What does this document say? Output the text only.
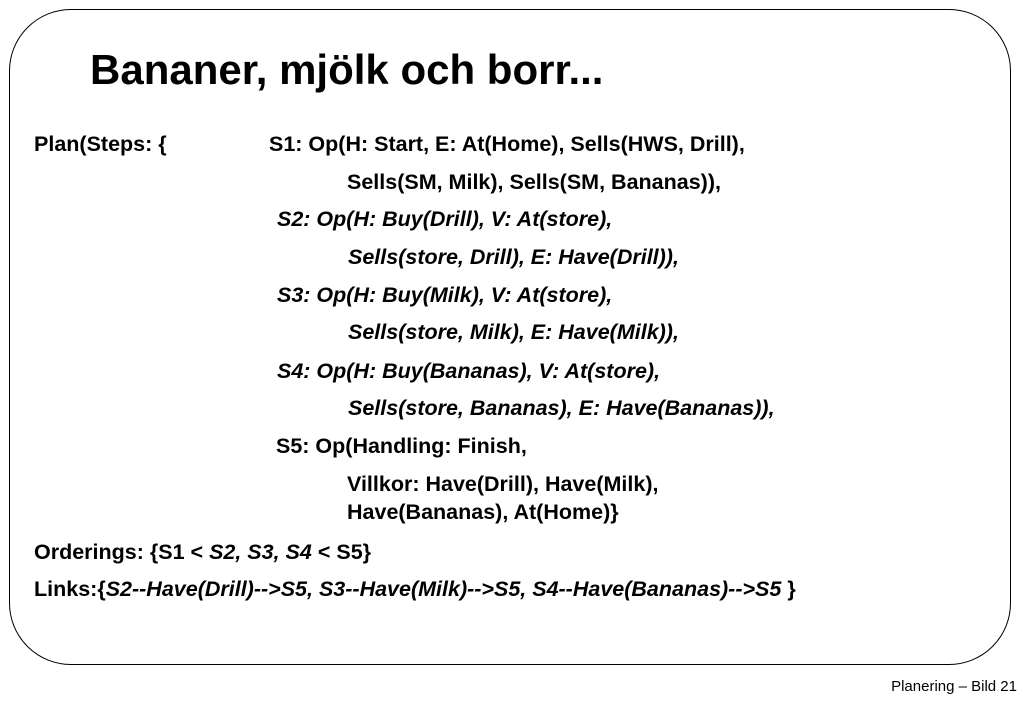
Bananer, mjölk och borr...
Plan(Steps: {	S1: Op(H: Start, E: At(Home), Sells(HWS, Drill),
Sells(SM, Milk), Sells(SM, Bananas)),
S2: Op(H: Buy(Drill), V: At(store),
Sells(store, Drill), E: Have(Drill)),
S3: Op(H: Buy(Milk), V: At(store),
Sells(store, Milk), E: Have(Milk)),
S4: Op(H: Buy(Bananas), V: At(store),
Sells(store, Bananas), E: Have(Bananas)),
S5: Op(Handling: Finish,
Villkor: Have(Drill), Have(Milk),
Have(Bananas), At(Home)}
Orderings: {S1 < S2, S3, S4 < S5}
Links:{S2--Have(Drill)-->S5, S3--Have(Milk)-->S5, S4--Have(Bananas)-->S5 }
Planering – Bild 21
